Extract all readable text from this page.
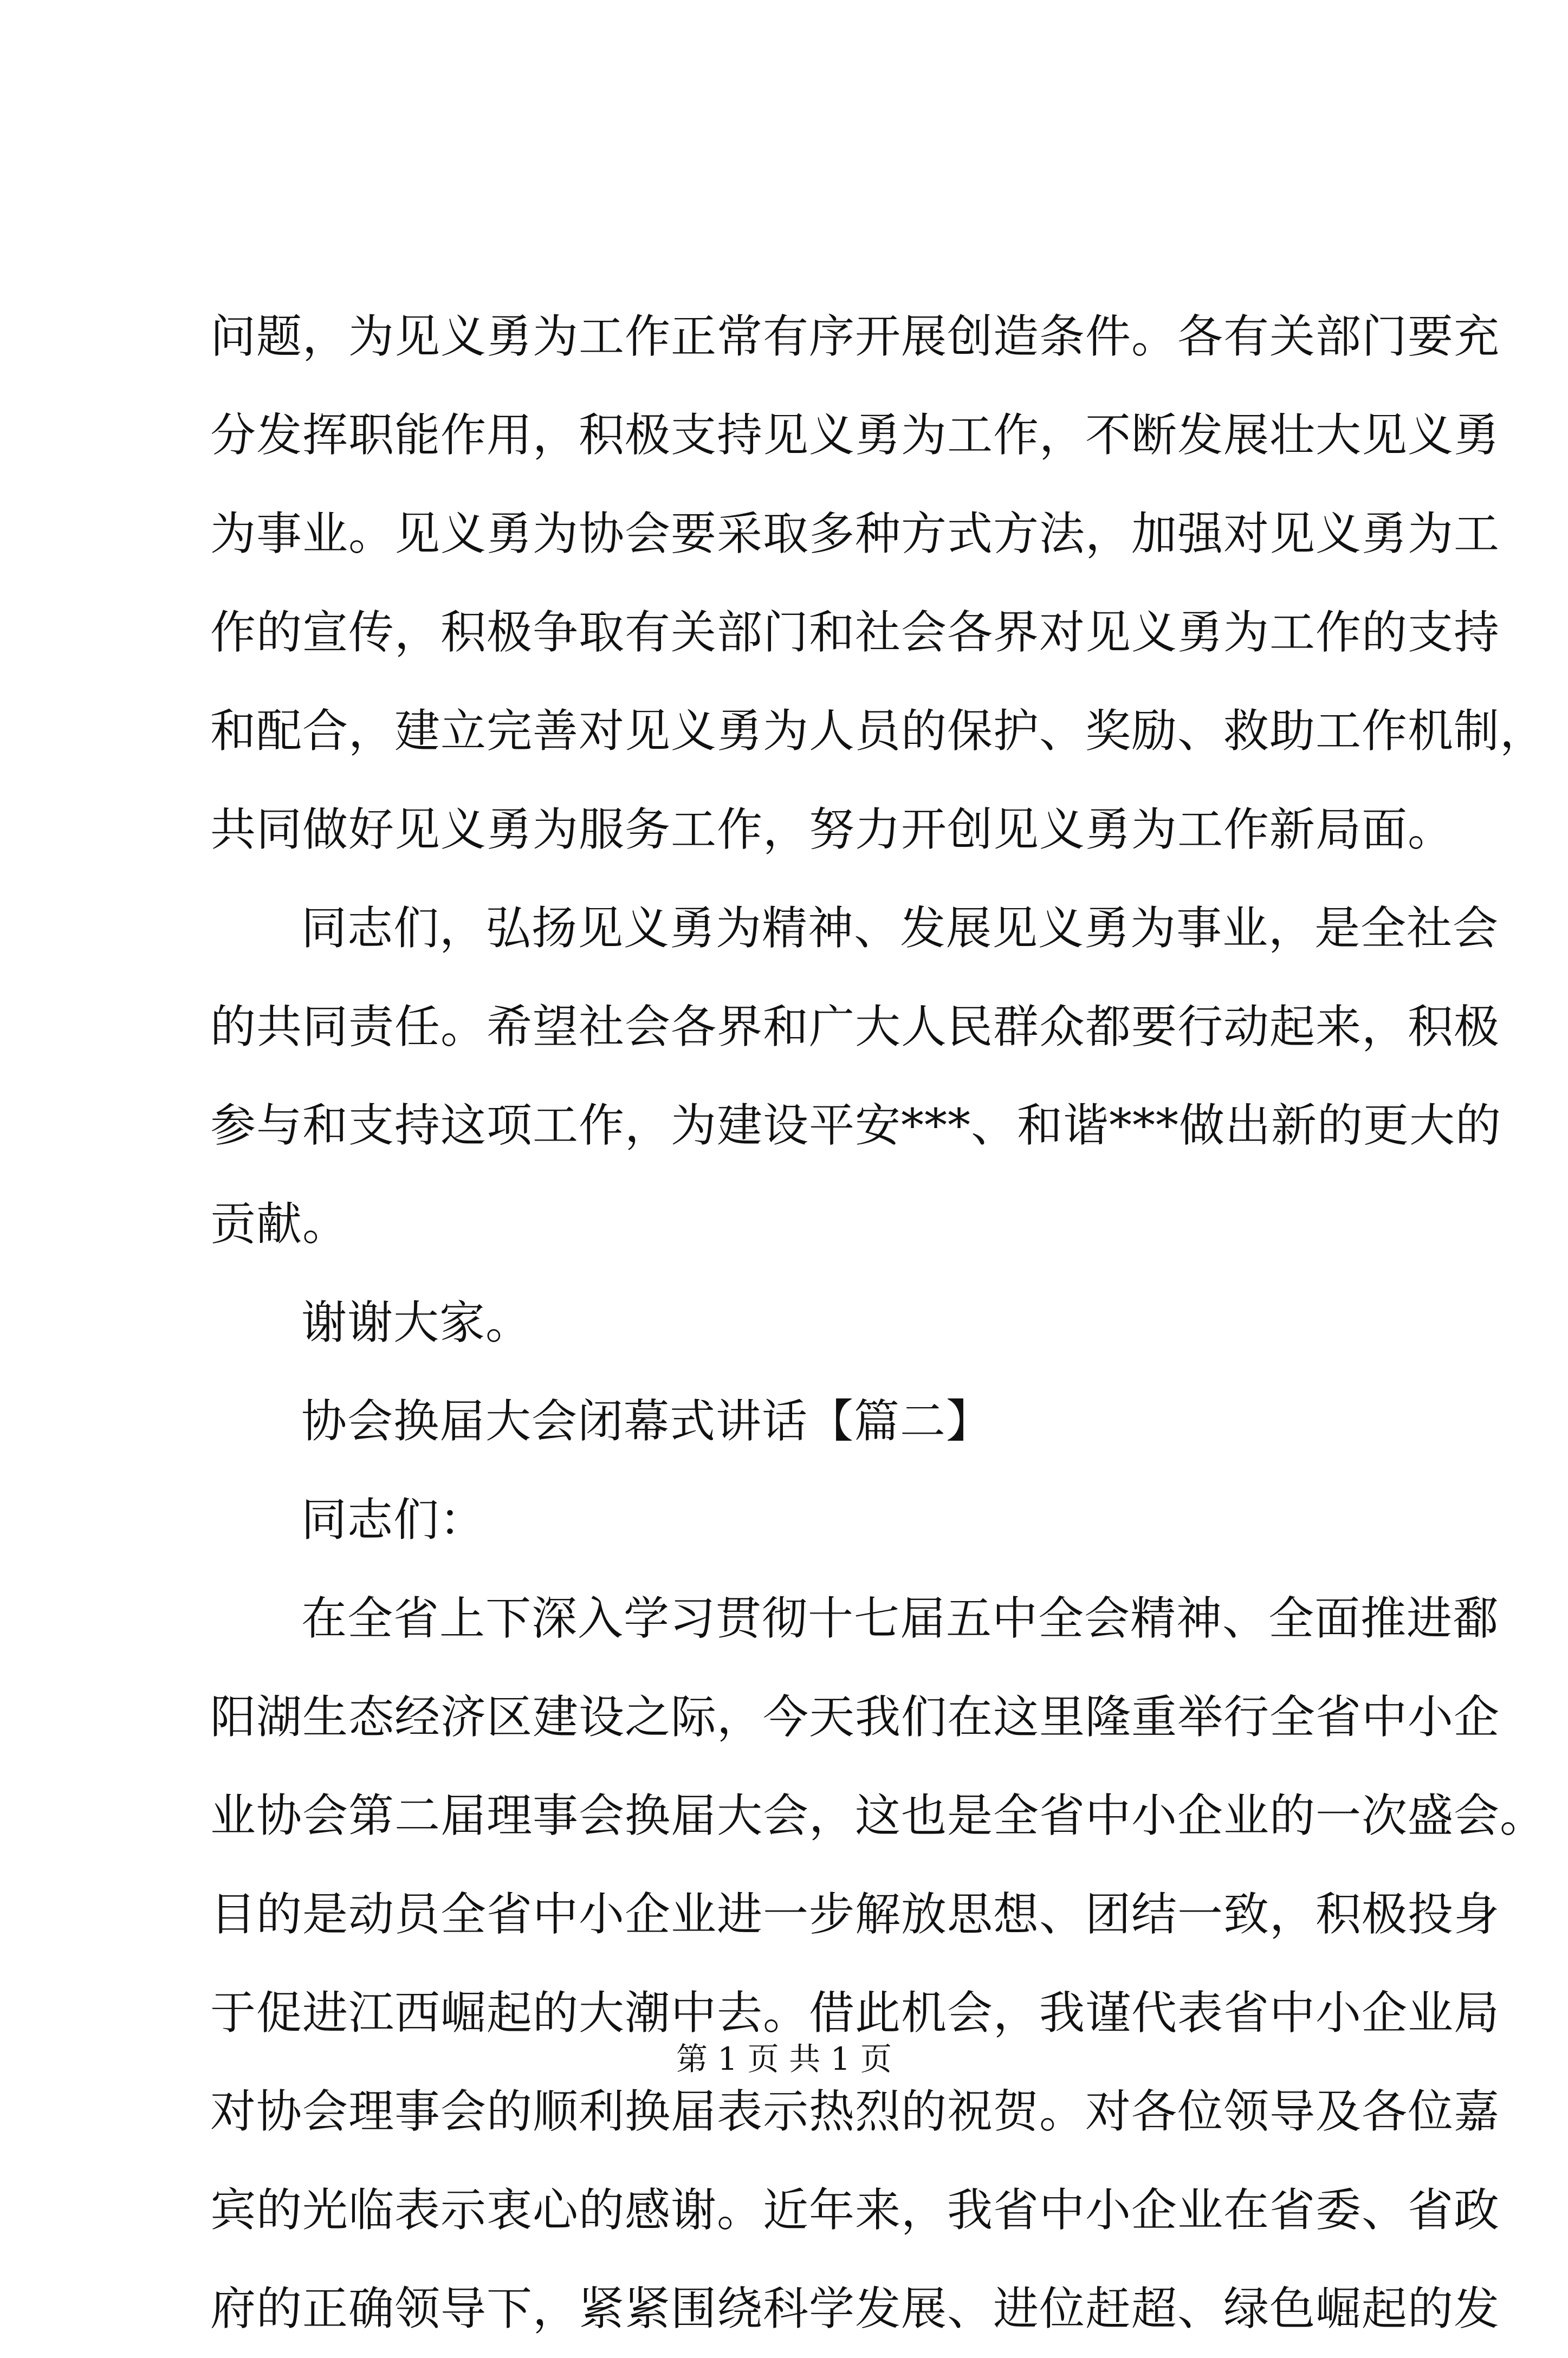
问题，为见义勇为工作正常有序开展创造条件。各有关部门要充
分发挥职能作用，积极支持见义勇为工作，不断发展壮大见义勇
为事业。见义勇为协会要采取多种方式方法，加强对见义勇为工
作的宣传，积极争取有关部门和社会各界对见义勇为工作的支持
和配合，建立完善对见义勇为人员的保护、奖励、救助工作机制，
共同做好见义勇为服务工作，努力开创见义勇为工作新局面。
同志们，弘扬见义勇为精神、发展见义勇为事业，是全社会
的共同责任。希望社会各界和广大人民群众都要行动起来，积极
参与和支持这项工作，为建设平安***、和谐***做出新的更大的
贡献。
谢谢大家。
协会换届大会闭幕式讲话【篇二】
同志们：
在全省上下深入学习贯彻十七届五中全会精神、全面推进鄱
阳湖生态经济区建设之际，今天我们在这里隆重举行全省中小企
业协会第二届理事会换届大会，这也是全省中小企业的一次盛会。
目的是动员全省中小企业进一步解放思想、团结一致，积极投身
于促进江西崛起的大潮中去。借此机会，我谨代表省中小企业局
对协会理事会的顺利换届表示热烈的祝贺。对各位领导及各位嘉
宾的光临表示衷心的感谢。近年来，我省中小企业在省委、省政
府的正确领导下，紧紧围绕科学发展、进位赶超、绿色崛起的发
第 1 页 共 1 页
